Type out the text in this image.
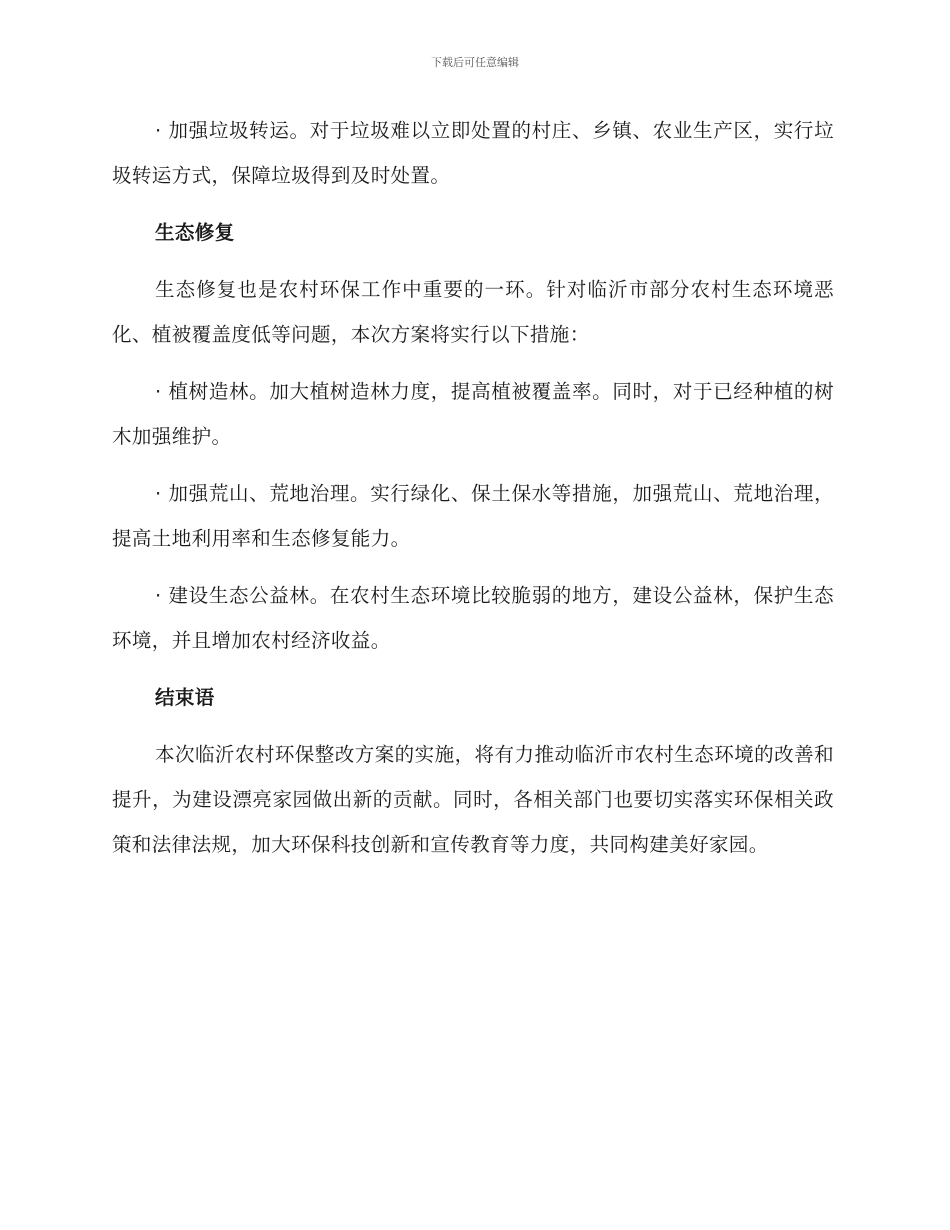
下载后可任意编辑

· 加强垃圾转运。对于垃圾难以立即处置的村庄、乡镇、农业生产区，实行垃圾转运方式，保障垃圾得到及时处置。

生态修复

生态修复也是农村环保工作中重要的一环。针对临沂市部分农村生态环境恶化、植被覆盖度低等问题，本次方案将实行以下措施：

· 植树造林。加大植树造林力度，提高植被覆盖率。同时，对于已经种植的树木加强维护。

· 加强荒山、荒地治理。实行绿化、保土保水等措施，加强荒山、荒地治理，提高土地利用率和生态修复能力。

· 建设生态公益林。在农村生态环境比较脆弱的地方，建设公益林，保护生态环境，并且增加农村经济收益。

结束语

本次临沂农村环保整改方案的实施，将有力推动临沂市农村生态环境的改善和提升，为建设漂亮家园做出新的贡献。同时，各相关部门也要切实落实环保相关政策和法律法规，加大环保科技创新和宣传教育等力度，共同构建美好家园。
